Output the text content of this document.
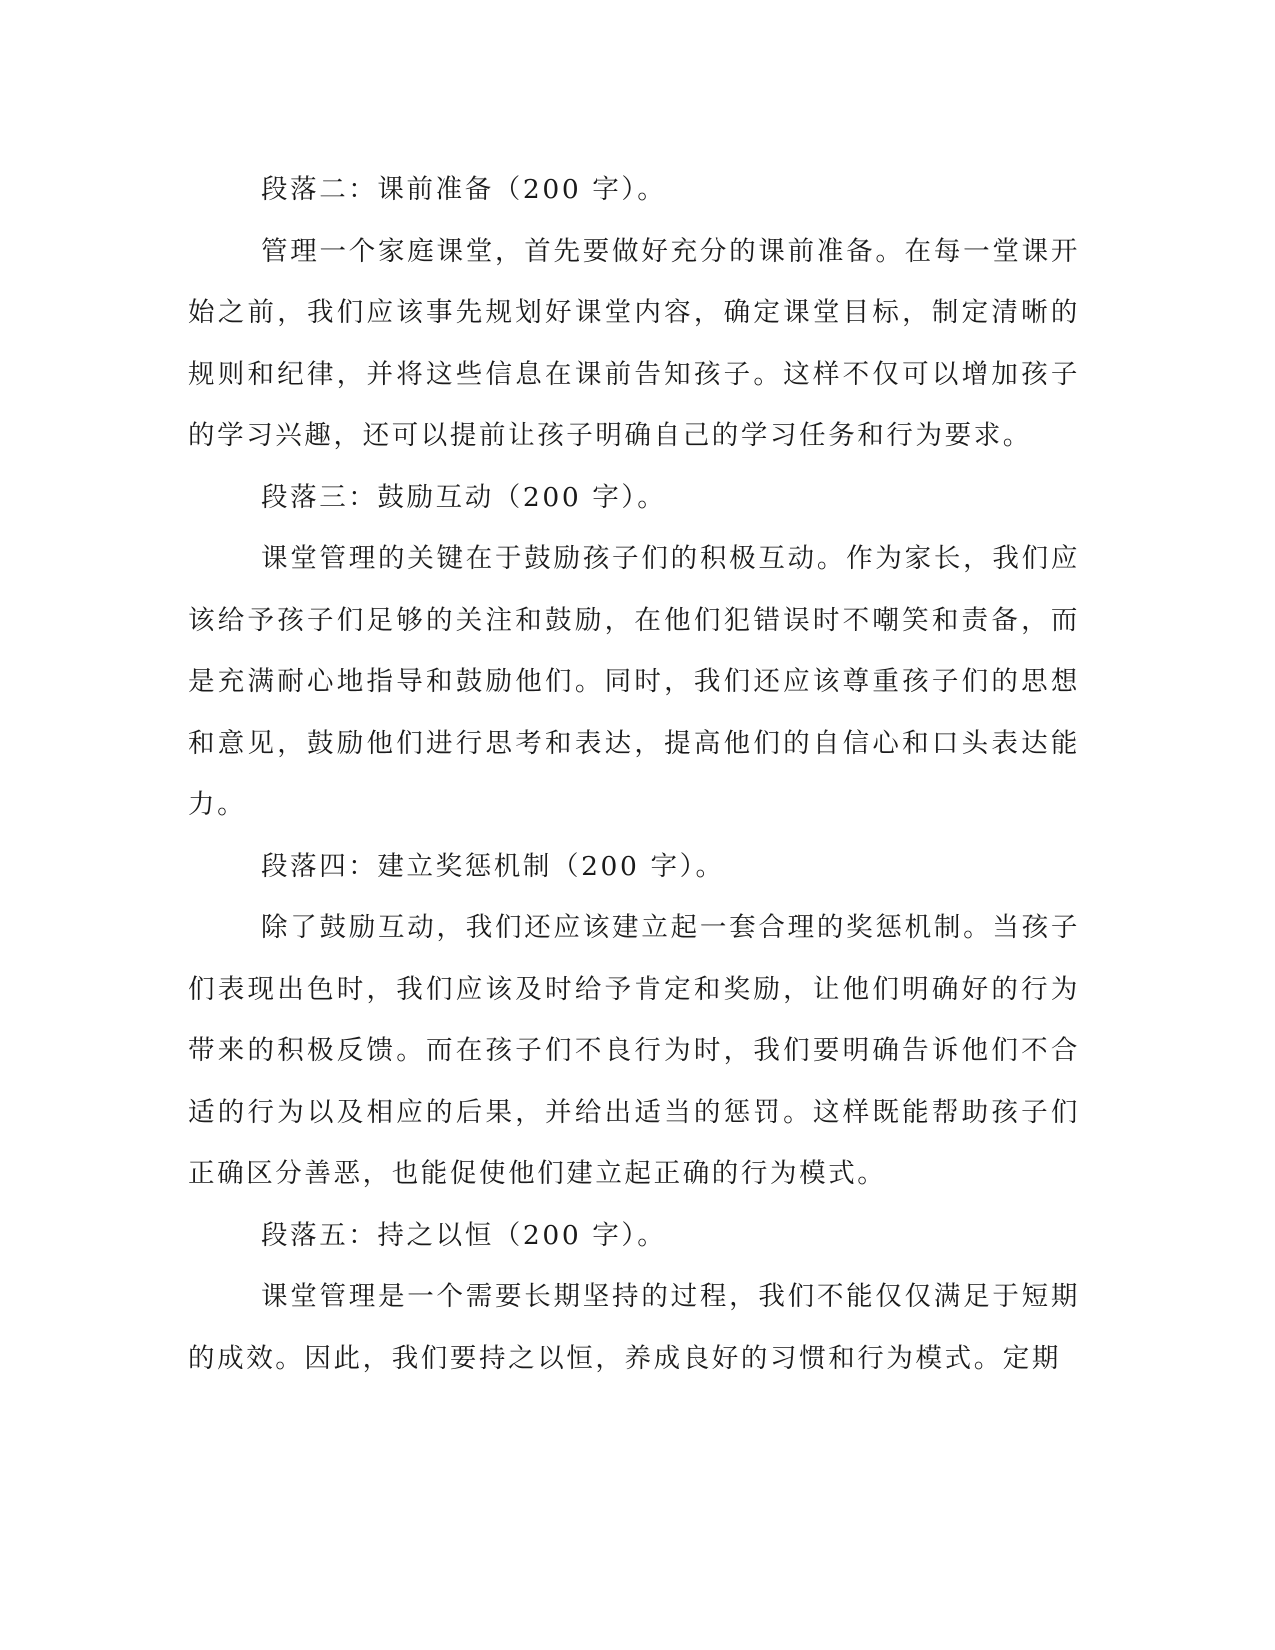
段落二：课前准备（200 字）。

管理一个家庭课堂，首先要做好充分的课前准备。在每一堂课开始之前，我们应该事先规划好课堂内容，确定课堂目标，制定清晰的规则和纪律，并将这些信息在课前告知孩子。这样不仅可以增加孩子的学习兴趣，还可以提前让孩子明确自己的学习任务和行为要求。

段落三：鼓励互动（200 字）。

课堂管理的关键在于鼓励孩子们的积极互动。作为家长，我们应该给予孩子们足够的关注和鼓励，在他们犯错误时不嘲笑和责备，而是充满耐心地指导和鼓励他们。同时，我们还应该尊重孩子们的思想和意见，鼓励他们进行思考和表达，提高他们的自信心和口头表达能力。

段落四：建立奖惩机制（200 字）。

除了鼓励互动，我们还应该建立起一套合理的奖惩机制。当孩子们表现出色时，我们应该及时给予肯定和奖励，让他们明确好的行为带来的积极反馈。而在孩子们不良行为时，我们要明确告诉他们不合适的行为以及相应的后果，并给出适当的惩罚。这样既能帮助孩子们正确区分善恶，也能促使他们建立起正确的行为模式。

段落五：持之以恒（200 字）。

课堂管理是一个需要长期坚持的过程，我们不能仅仅满足于短期的成效。因此，我们要持之以恒，养成良好的习惯和行为模式。定期
